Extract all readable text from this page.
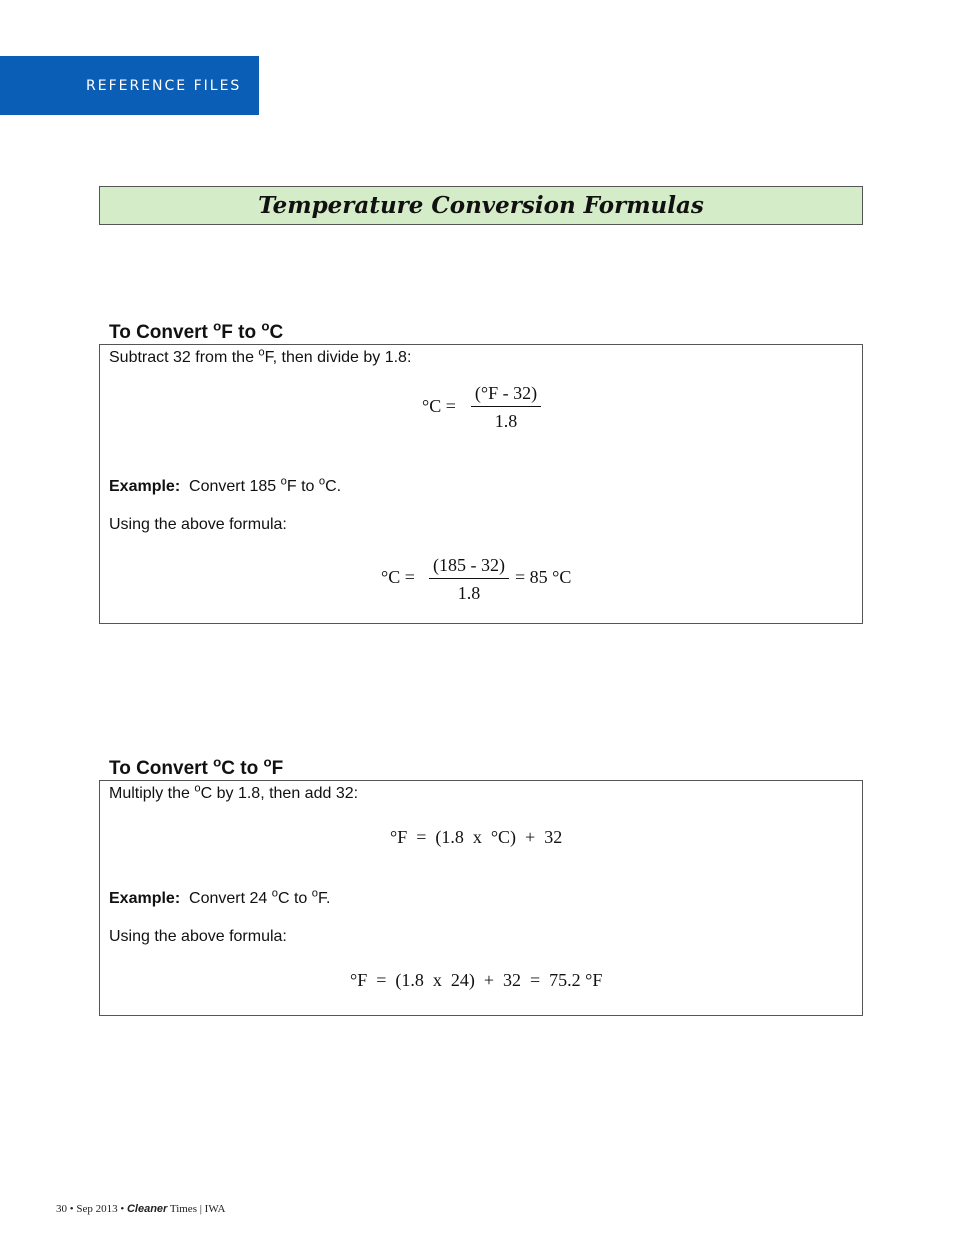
REFERENCE FILES
Temperature Conversion Formulas
To Convert $^o$F to $^o$C
Subtract 32 from the $^o$F, then divide by 1.8:
$^\circ C = \frac{(^\circ F - 32)}{1.8}$
Example: Convert 185 $^o$F to $^o$C.
Using the above formula:
$^\circ C = \frac{(185 - 32)}{1.8} = 85$ °C
To Convert $^o$C to $^o$F
Multiply the $^o$C by 1.8, then add 32:
°F  =  (1.8  x  °C)  +  32
Example: Convert 24 $^o$C to $^o$F.
Using the above formula:
°F  =  (1.8  x  24)  +  32  =  75.2 °F
30 • Sep 2013 • Cleaner Times | IWA
